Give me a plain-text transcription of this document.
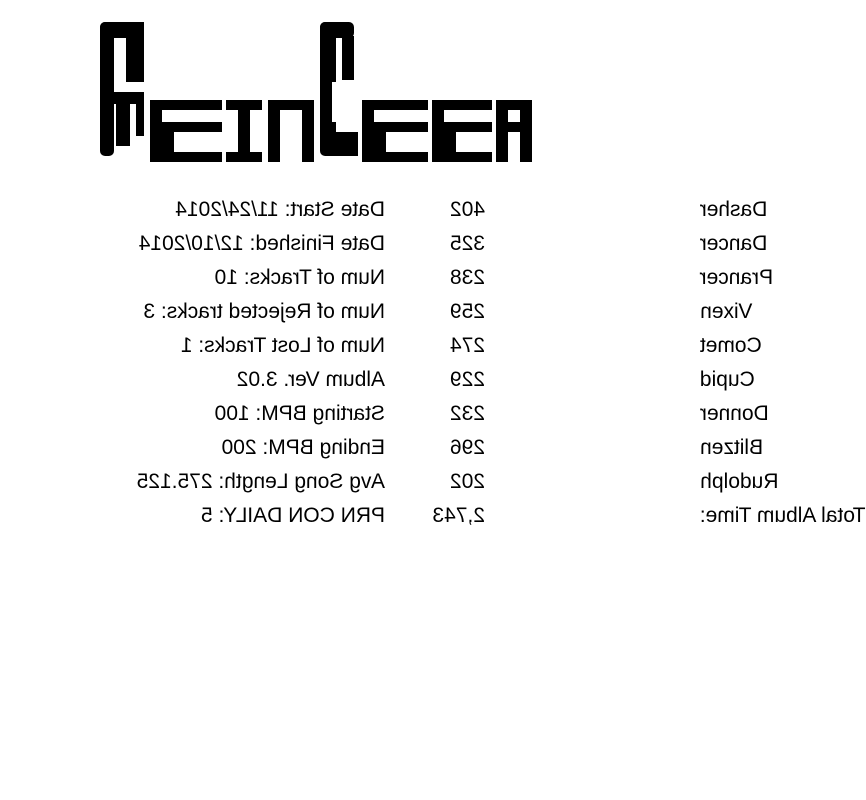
Dasher
402
Date Start: 11/24/2014
Dancer
325
Date Finished: 12/10/2014
Prancer
238
Num of Tracks: 10
Vixen
259
Num of Rejected tracks: 3
Comet
274
Num of Lost Tracks: 1
Cupid
229
Album Ver. 3.02
Donner
232
Starting BPM: 100
Blitzen
296
Ending BPM: 200
Rudolph
202
Avg Song Length: 275.125
Total Album Time:
2,743
PRN CON DAILY: 5
